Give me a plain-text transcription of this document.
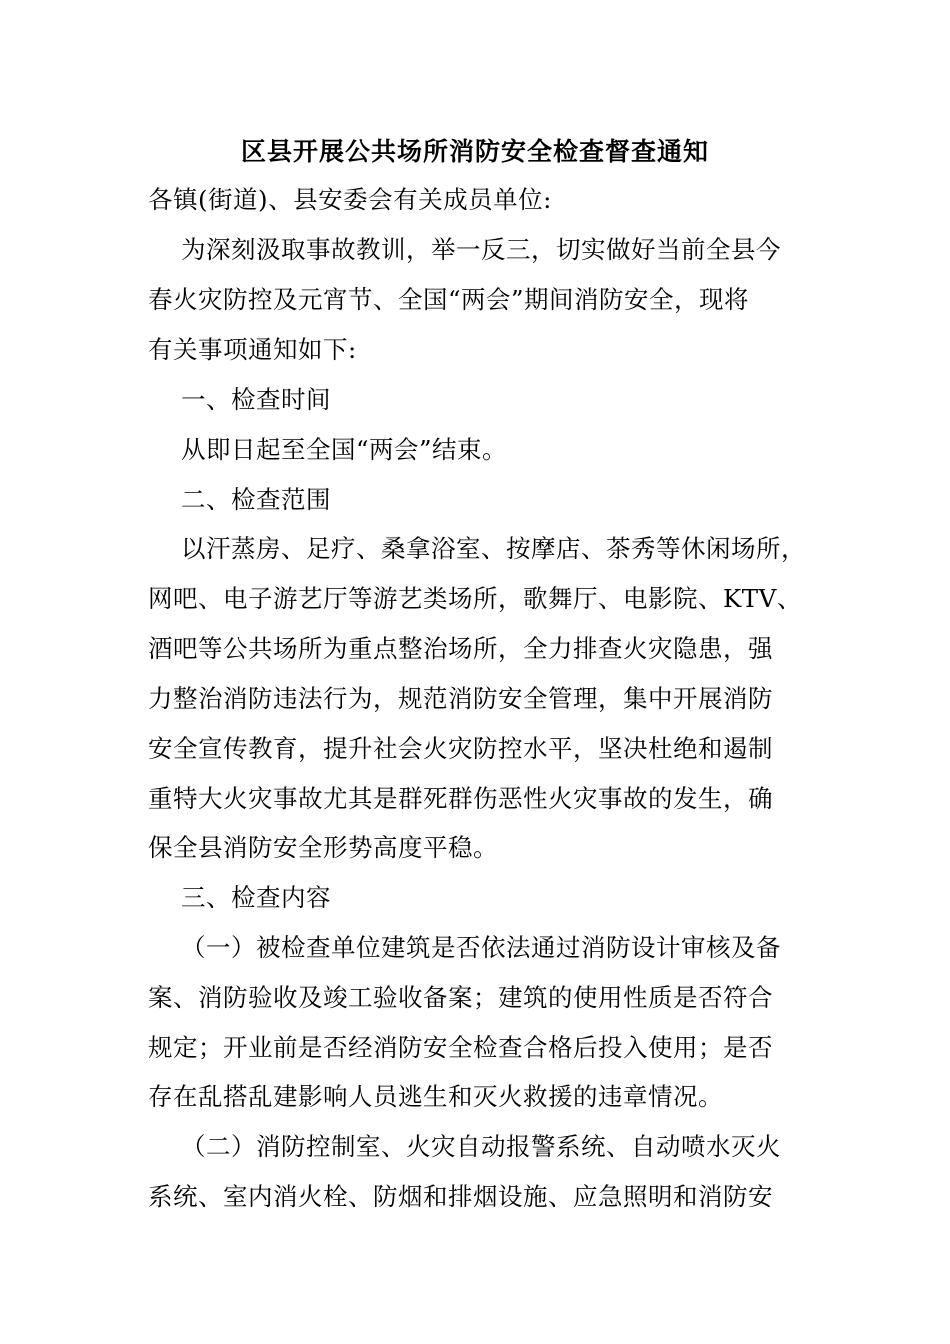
区县开展公共场所消防安全检查督查通知
各镇(街道)、县安委会有关成员单位:
为深刻汲取事故教训，举一反三，切实做好当前全县今
春火灾防控及元宵节、全国“两会”期间消防安全，现将
有关事项通知如下:
一、检查时间
从即日起至全国“两会”结束。
二、检查范围
以汗蒸房、足疗、桑拿浴室、按摩店、茶秀等休闲场所，
网吧、电子游艺厅等游艺类场所，歌舞厅、电影院、KTV、
酒吧等公共场所为重点整治场所，全力排查火灾隐患，强
力整治消防违法行为，规范消防安全管理，集中开展消防
安全宣传教育，提升社会火灾防控水平，坚决杜绝和遏制
重特大火灾事故尤其是群死群伤恶性火灾事故的发生，确
保全县消防安全形势高度平稳。
三、检查内容
（一）被检查单位建筑是否依法通过消防设计审核及备
案、消防验收及竣工验收备案；建筑的使用性质是否符合
规定；开业前是否经消防安全检查合格后投入使用；是否
存在乱搭乱建影响人员逃生和灭火救援的违章情况。
（二）消防控制室、火灾自动报警系统、自动喷水灭火
系统、室内消火栓、防烟和排烟设施、应急照明和消防安
